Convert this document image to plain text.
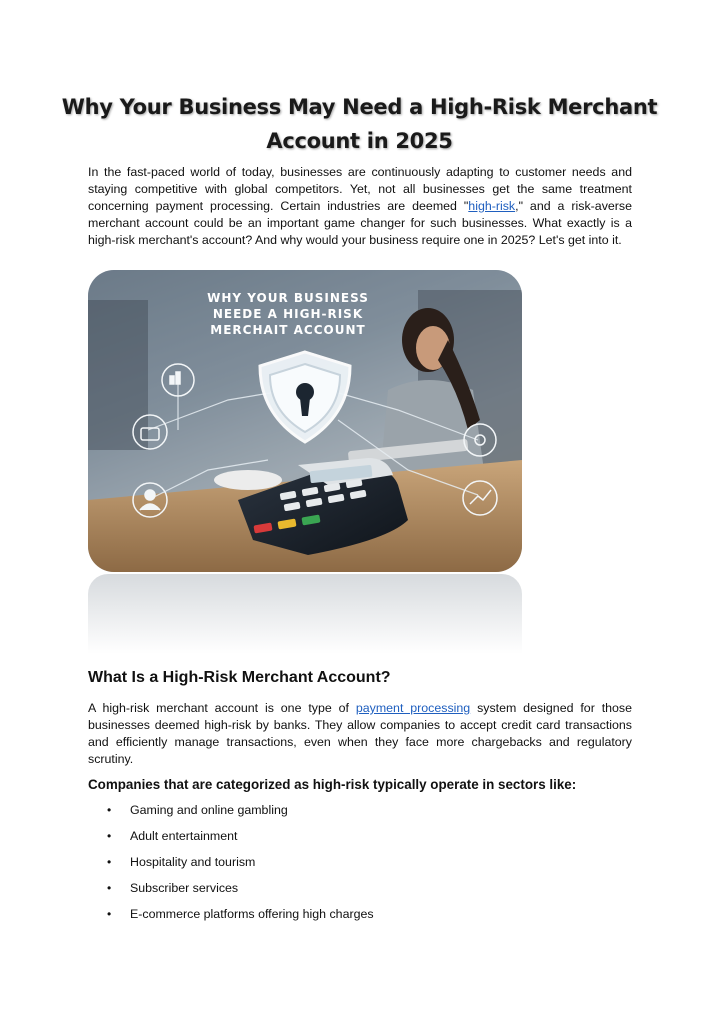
Why Your Business May Need a High-Risk Merchant
Account in 2025

In the fast-paced world of today, businesses are continuously adapting to customer needs and staying competitive with global competitors. Yet, not all businesses get the same treatment concerning payment processing. Certain industries are deemed "high-risk," and a risk-averse merchant account could be an important game changer for such businesses. What exactly is a high-risk merchant's account? And why would your business require one in 2025? Let's get into it.

WHY YOUR BUSINESS
NEEDE A HIGH-RISK
MERCHAIT ACCOUNT
What Is a High-Risk Merchant Account?

A high-risk merchant account is one type of payment processing system designed for those businesses deemed high-risk by banks. They allow companies to accept credit card transactions and efficiently manage transactions, even when they face more chargebacks and regulatory scrutiny.

Companies that are categorized as high-risk typically operate in sectors like:

• Gaming and online gambling
• Adult entertainment
• Hospitality and tourism
• Subscriber services
• E-commerce platforms offering high charges
